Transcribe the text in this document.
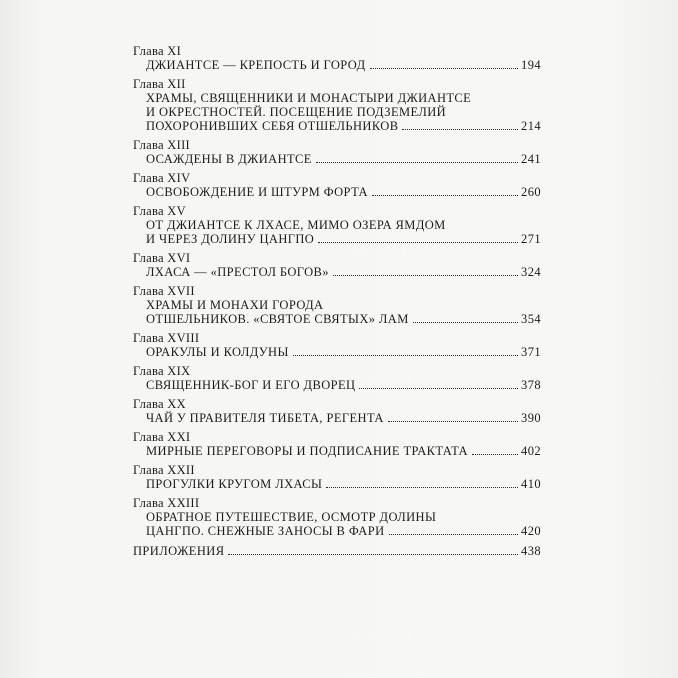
Глава XI
ДЖИАНТСЕ — КРЕПОСТЬ И ГОРОД	194
Глава XII
ХРАМЫ, СВЯЩЕННИКИ И МОНАСТЫРИ ДЖИАНТСЕ
И ОКРЕСТНОСТЕЙ. ПОСЕЩЕНИЕ ПОДЗЕМЕЛИЙ
ПОХОРОНИВШИХ СЕБЯ ОТШЕЛЬНИКОВ	214
Глава XIII
ОСАЖДЕНЫ В ДЖИАНТСЕ	241
Глава XIV
ОСВОБОЖДЕНИЕ И ШТУРМ ФОРТА	260
Глава XV
ОТ ДЖИАНТСЕ К ЛХАСЕ, МИМО ОЗЕРА ЯМДОМ
И ЧЕРЕЗ ДОЛИНУ ЦАНГПО	271
Глава XVI
ЛХАСА — «ПРЕСТОЛ БОГОВ»	324
Глава XVII
ХРАМЫ И МОНАХИ ГОРОДА
ОТШЕЛЬНИКОВ. «СВЯТОЕ СВЯТЫХ» ЛАМ	354
Глава XVIII
ОРАКУЛЫ И КОЛДУНЫ	371
Глава XIX
СВЯЩЕННИК-БОГ И ЕГО ДВОРЕЦ	378
Глава XX
ЧАЙ У ПРАВИТЕЛЯ ТИБЕТА, РЕГЕНТА	390
Глава XXI
МИРНЫЕ ПЕРЕГОВОРЫ И ПОДПИСАНИЕ ТРАКТАТА	402
Глава XXII
ПРОГУЛКИ КРУГОМ ЛХАСЫ	410
Глава XXIII
ОБРАТНОЕ ПУТЕШЕСТВИЕ, ОСМОТР ДОЛИНЫ
ЦАНГПО. СНЕЖНЫЕ ЗАНОСЫ В ФАРИ	420
ПРИЛОЖЕНИЯ	438
